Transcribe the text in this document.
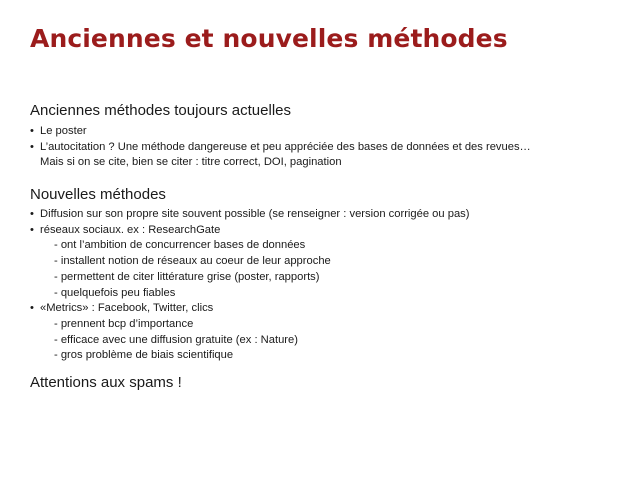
Anciennes et nouvelles méthodes
Anciennes méthodes toujours actuelles
• Le poster
• L’autocitation ? Une méthode dangereuse et peu appréciée des bases de données et des revues…
Mais si on se cite, bien se citer : titre correct, DOI, pagination
Nouvelles méthodes
• Diffusion sur son propre site souvent possible (se renseigner : version corrigée ou pas)
• réseaux sociaux. ex : ResearchGate
- ont l’ambition de concurrencer bases de données
- installent notion de réseaux au coeur de leur approche
- permettent de citer littérature grise (poster, rapports)
- quelquefois peu fiables
• «Metrics» : Facebook, Twitter, clics
- prennent bcp d’importance
- efficace avec une diffusion gratuite (ex : Nature)
- gros problème de biais scientifique
Attentions aux spams !
